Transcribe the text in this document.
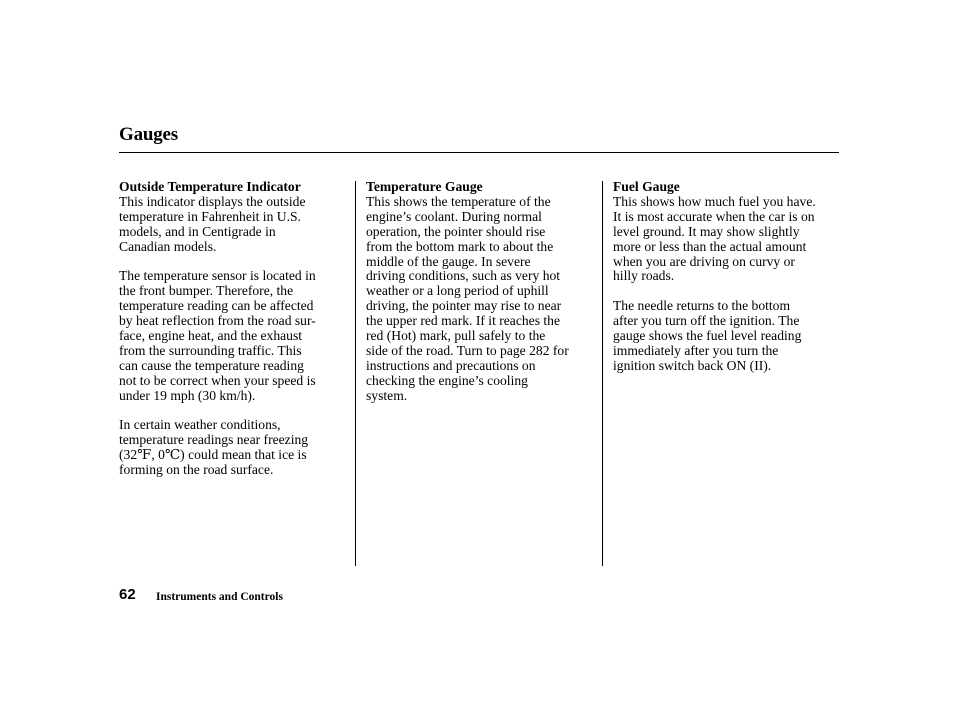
Gauges
Outside Temperature Indicator

This indicator displays the outside
temperature in Fahrenheit in U.S.
models, and in Centigrade in
Canadian models.

The temperature sensor is located in
the front bumper. Therefore, the
temperature reading can be affected
by heat reflection from the road sur-
face, engine heat, and the exhaust
from the surrounding traffic. This
can cause the temperature reading
not to be correct when your speed is
under 19 mph (30 km/h).

In certain weather conditions,
temperature readings near freezing
(32℉, 0℃) could mean that ice is
forming on the road surface.

Temperature Gauge

This shows the temperature of the
engine’s coolant. During normal
operation, the pointer should rise
from the bottom mark to about the
middle of the gauge. In severe
driving conditions, such as very hot
weather or a long period of uphill
driving, the pointer may rise to near
the upper red mark. If it reaches the
red (Hot) mark, pull safely to the
side of the road. Turn to page 282 for
instructions and precautions on
checking the engine’s cooling
system.

Fuel Gauge

This shows how much fuel you have.
It is most accurate when the car is on
level ground. It may show slightly
more or less than the actual amount
when you are driving on curvy or
hilly roads.

The needle returns to the bottom
after you turn off the ignition. The
gauge shows the fuel level reading
immediately after you turn the
ignition switch back ON (II).

62 Instruments and Controls
